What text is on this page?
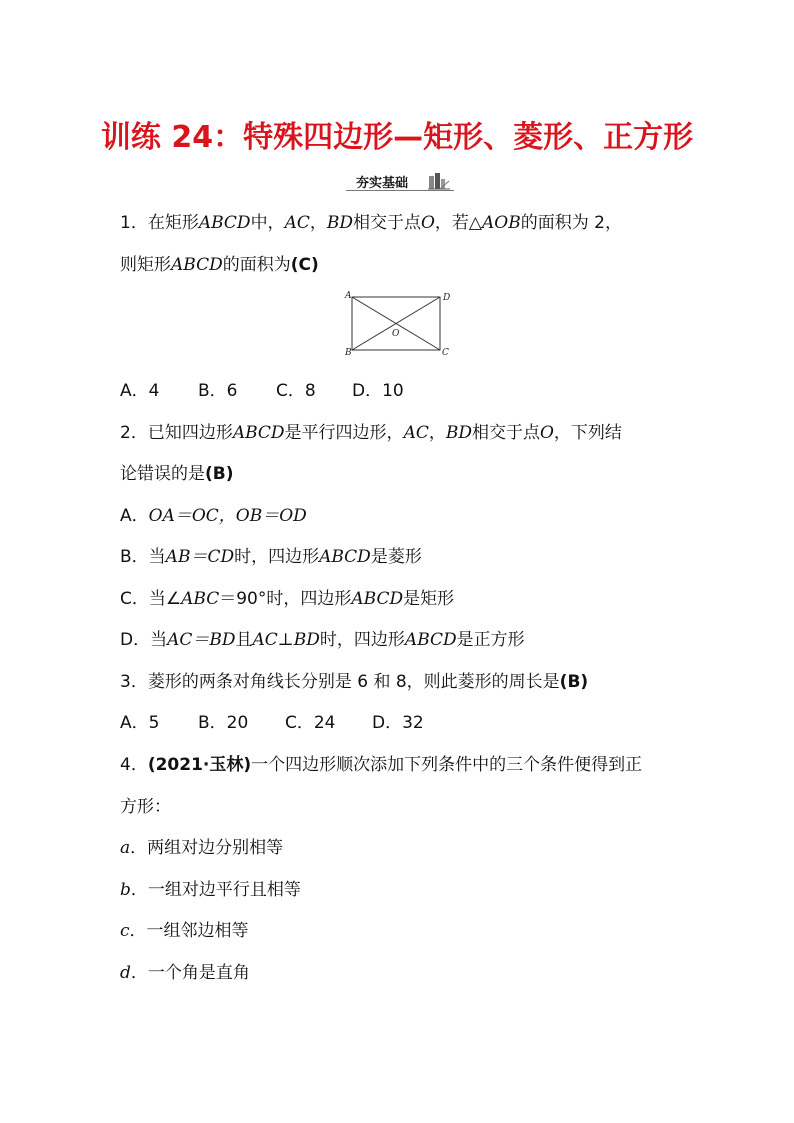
训练 24：特殊四边形—矩形、菱形、正方形
夯实基础
1．在矩形ABCD中，AC，BD相交于点O，若△AOB的面积为 2，
则矩形ABCD的面积为(C)
A	D
B	C
O
A．4 B．6 C．8 D．10
2．已知四边形ABCD是平行四边形，AC，BD相交于点O，下列结
论错误的是(B)
A．OA＝OC，OB＝OD
B．当AB＝CD时，四边形ABCD是菱形
C．当∠ABC＝90°时，四边形ABCD是矩形
D．当AC＝BD且AC⊥BD时，四边形ABCD是正方形
3．菱形的两条对角线长分别是 6 和 8，则此菱形的周长是(B)
A．5 B．20 C．24 D．32
4．(2021·玉林)一个四边形顺次添加下列条件中的三个条件便得到正
方形：
a．两组对边分别相等
b．一组对边平行且相等
c．一组邻边相等
d．一个角是直角
